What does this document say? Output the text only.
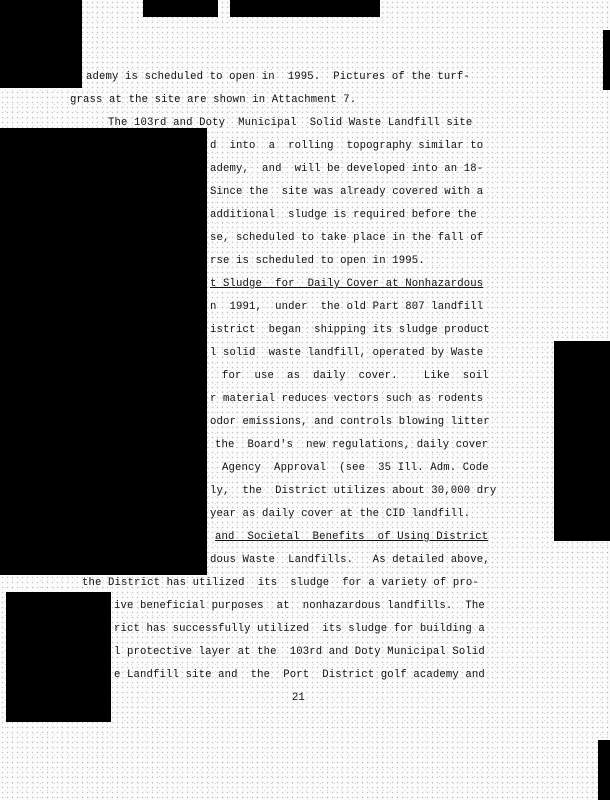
ademy is scheduled to open in  1995.  Pictures of the turf-
grass at the site are shown in Attachment 7.
The 103rd and Doty  Municipal  Solid Waste Landfill site
d  into  a  rolling  topography similar to
ademy,  and  will be developed into an 18-
Since the  site was already covered with a
additional  sludge is required before the
se, scheduled to take place in the fall of
rse is scheduled to open in 1995.
t Sludge  for  Daily Cover at Nonhazardous
n  1991,  under  the old Part 807 landfill
istrict  began  shipping its sludge product
l solid  waste landfill, operated by Waste
for  use  as  daily  cover.    Like  soil
r material reduces vectors such as rodents
odor emissions, and controls blowing litter
the  Board's  new regulations, daily cover
Agency  Approval  (see  35 Ill. Adm. Code
ly,  the  District utilizes about 30,000 dry
year as daily cover at the CID landfill.
and  Societal  Benefits  of Using District
dous Waste  Landfills.   As detailed above,
the District has utilized  its  sludge  for a variety of pro-
ive beneficial purposes  at  nonhazardous landfills.  The
rict has successfully utilized  its sludge for building a
l protective layer at the  103rd and Doty Municipal Solid
e Landfill site and  the  Port  District golf academy and
21
